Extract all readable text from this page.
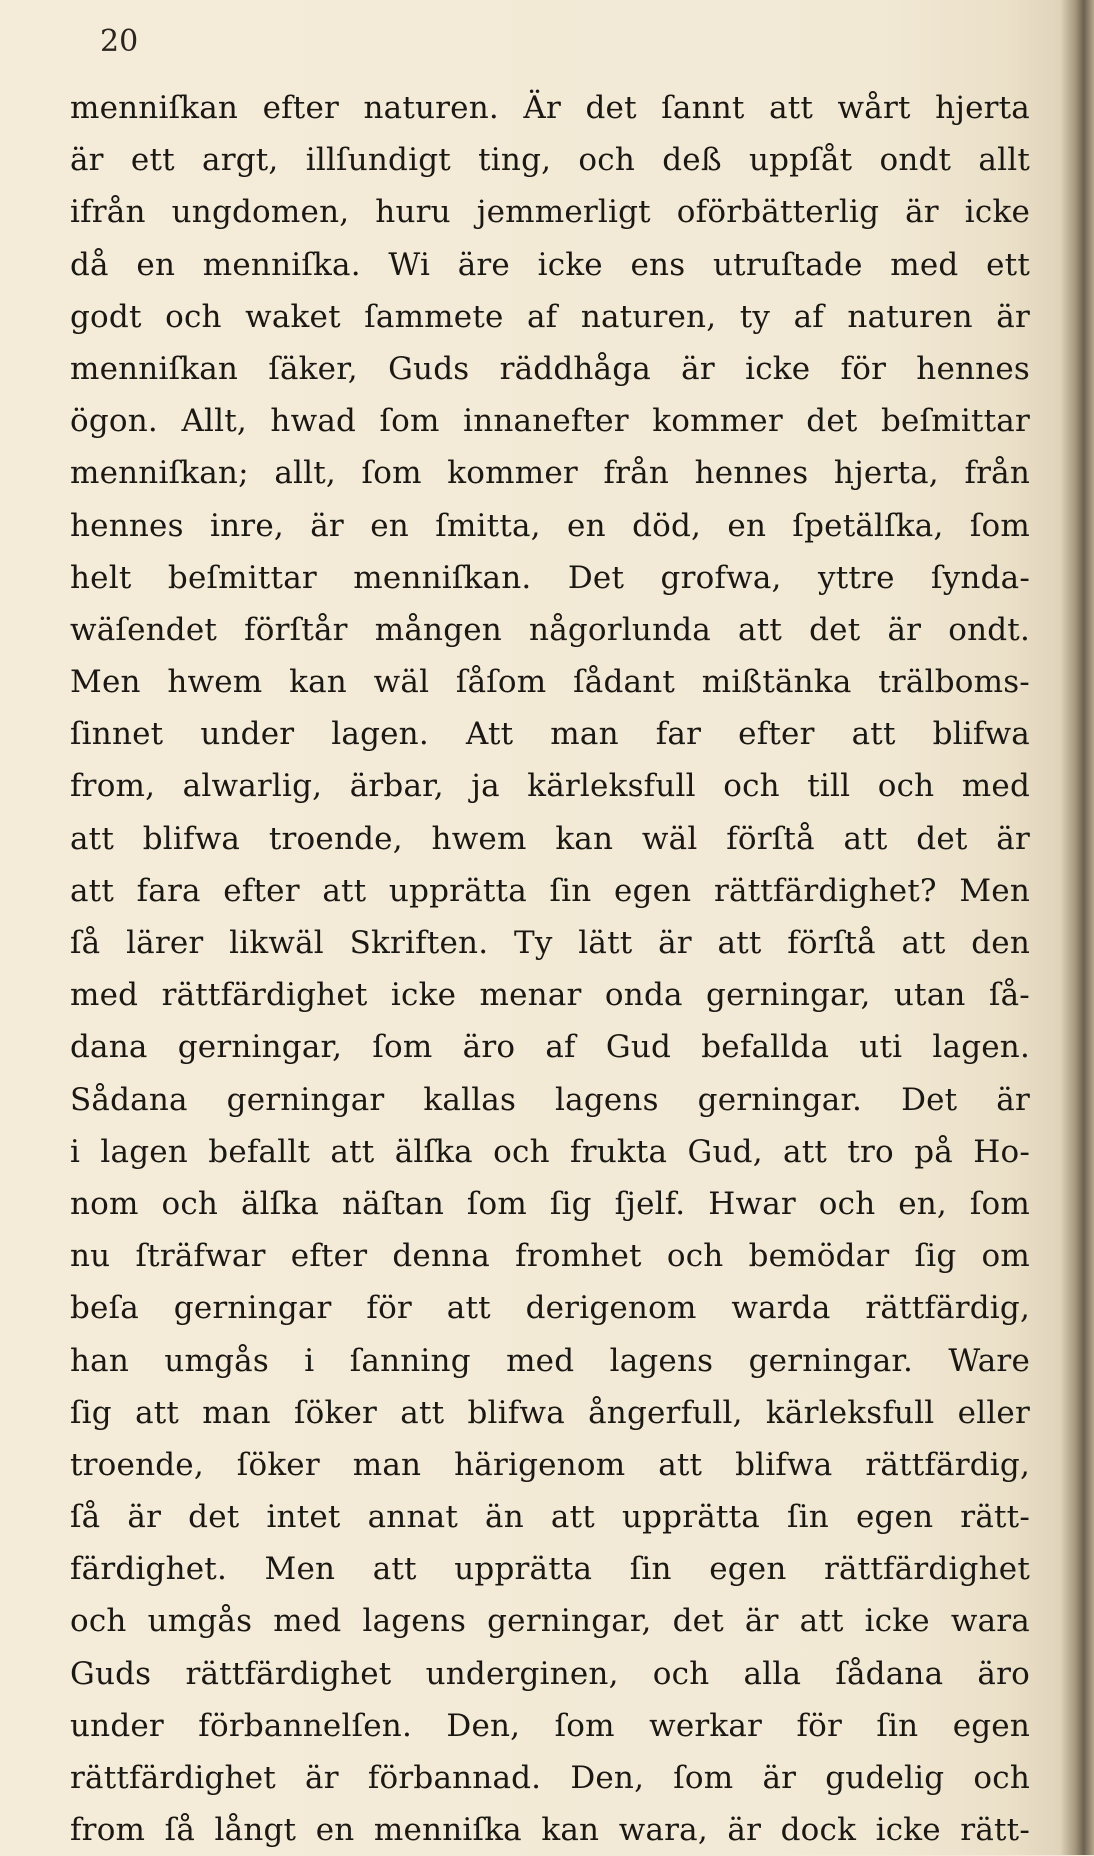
20
menniſkan efter naturen. Är det ſannt att wårt hjerta
är ett argt, illſundigt ting, och deß uppſåt ondt allt
ifrån ungdomen, huru jemmerligt oförbätterlig är icke
då en menniſka. Wi äre icke ens utruſtade med ett
godt och waket ſammete af naturen, ty af naturen är
menniſkan ſäker, Guds räddhåga är icke för hennes
ögon. Allt, hwad ſom innanefter kommer det beſmittar
menniſkan; allt, ſom kommer från hennes hjerta, från
hennes inre, är en ſmitta, en död, en ſpetälſka, ſom
helt beſmittar menniſkan. Det grofwa, yttre ſynda-
wäſendet förſtår mången någorlunda att det är ondt.
Men hwem kan wäl ſåſom ſådant mißtänka trälboms-
ſinnet under lagen. Att man far efter att blifwa
from, alwarlig, ärbar, ja kärleksfull och till och med
att blifwa troende, hwem kan wäl förſtå att det är
att fara efter att upprätta ſin egen rättfärdighet? Men
ſå lärer likwäl Skriften. Ty lätt är att förſtå att den
med rättfärdighet icke menar onda gerningar, utan ſå-
dana gerningar, ſom äro af Gud befallda uti lagen.
Sådana gerningar kallas lagens gerningar. Det är
i lagen befallt att älſka och frukta Gud, att tro på Ho-
nom och älſka näſtan ſom ſig ſjelf. Hwar och en, ſom
nu ſträfwar efter denna fromhet och bemödar ſig om
beſa gerningar för att derigenom warda rättfärdig,
han umgås i ſanning med lagens gerningar. Ware
ſig att man ſöker att blifwa ångerfull, kärleksfull eller
troende, ſöker man härigenom att blifwa rättfärdig,
ſå är det intet annat än att upprätta ſin egen rätt-
färdighet. Men att upprätta ſin egen rättfärdighet
och umgås med lagens gerningar, det är att icke wara
Guds rättfärdighet underginen, och alla ſådana äro
under förbannelſen. Den, ſom werkar för ſin egen
rättfärdighet är förbannad. Den, ſom är gudelig och
from ſå långt en menniſka kan wara, är dock icke rätt-
